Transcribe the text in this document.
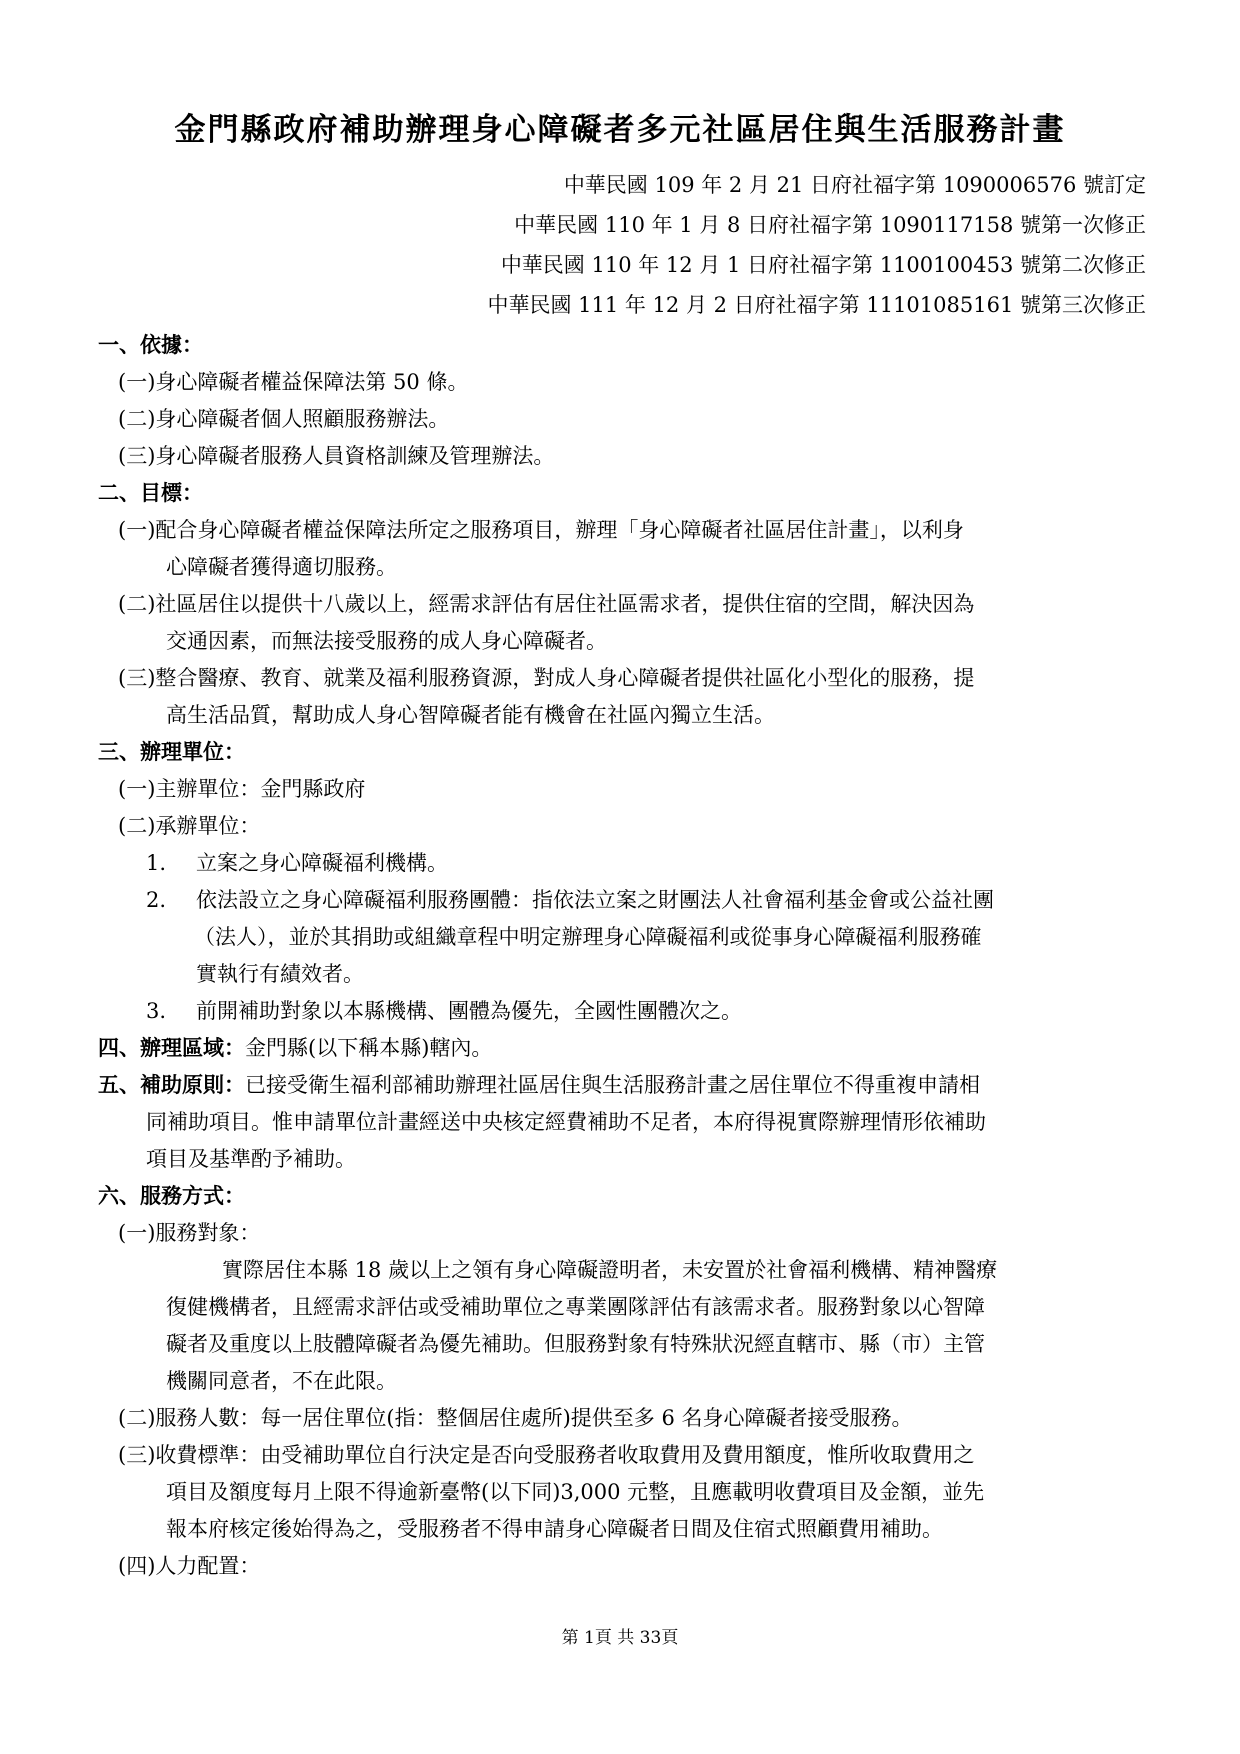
金門縣政府補助辦理身心障礙者多元社區居住與生活服務計畫
中華民國 109 年 2 月 21 日府社福字第 1090006576 號訂定
中華民國 110 年 1 月 8 日府社福字第 1090117158 號第一次修正
中華民國 110 年 12 月 1 日府社福字第 1100100453 號第二次修正
中華民國 111 年 12 月 2 日府社福字第 11101085161 號第三次修正
一、依據：
(一)身心障礙者權益保障法第 50 條。
(二)身心障礙者個人照顧服務辦法。
(三)身心障礙者服務人員資格訓練及管理辦法。
二、目標：
(一)配合身心障礙者權益保障法所定之服務項目，辦理「身心障礙者社區居住計畫」，以利身
心障礙者獲得適切服務。
(二)社區居住以提供十八歲以上，經需求評估有居住社區需求者，提供住宿的空間，解決因為
交通因素，而無法接受服務的成人身心障礙者。
(三)整合醫療、教育、就業及福利服務資源，對成人身心障礙者提供社區化小型化的服務，提
高生活品質，幫助成人身心智障礙者能有機會在社區內獨立生活。
三、辦理單位：
(一)主辦單位：金門縣政府
(二)承辦單位：
1. 立案之身心障礙福利機構。
2. 依法設立之身心障礙福利服務團體：指依法立案之財團法人社會福利基金會或公益社團
（法人），並於其捐助或組織章程中明定辦理身心障礙福利或從事身心障礙福利服務確
實執行有績效者。
3. 前開補助對象以本縣機構、團體為優先，全國性團體次之。
四、辦理區域：金門縣(以下稱本縣)轄內。
五、補助原則：已接受衛生福利部補助辦理社區居住與生活服務計畫之居住單位不得重複申請相
同補助項目。惟申請單位計畫經送中央核定經費補助不足者，本府得視實際辦理情形依補助
項目及基準酌予補助。
六、服務方式：
(一)服務對象：
實際居住本縣 18 歲以上之領有身心障礙證明者，未安置於社會福利機構、精神醫療
復健機構者，且經需求評估或受補助單位之專業團隊評估有該需求者。服務對象以心智障
礙者及重度以上肢體障礙者為優先補助。但服務對象有特殊狀況經直轄市、縣（市）主管
機關同意者，不在此限。
(二)服務人數：每一居住單位(指：整個居住處所)提供至多 6 名身心障礙者接受服務。
(三)收費標準：由受補助單位自行決定是否向受服務者收取費用及費用額度，惟所收取費用之
項目及額度每月上限不得逾新臺幣(以下同)3,000 元整，且應載明收費項目及金額，並先
報本府核定後始得為之，受服務者不得申請身心障礙者日間及住宿式照顧費用補助。
(四)人力配置：
第 1頁 共 33頁
